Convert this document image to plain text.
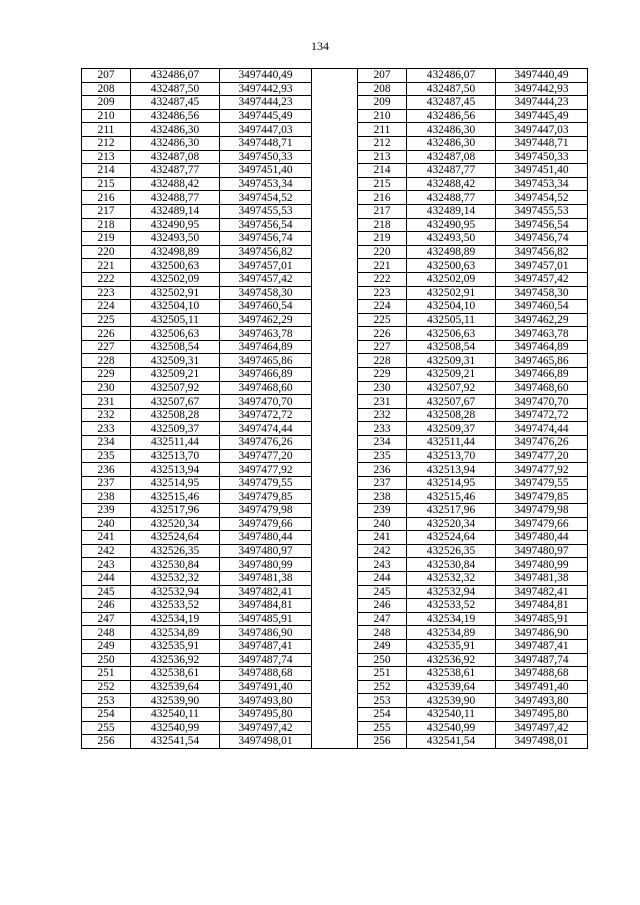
134
207	432486,07	3497440,49		207	432486,07	3497440,49
208	432487,50	3497442,93		208	432487,50	3497442,93
209	432487,45	3497444,23		209	432487,45	3497444,23
210	432486,56	3497445,49		210	432486,56	3497445,49
211	432486,30	3497447,03		211	432486,30	3497447,03
212	432486,30	3497448,71		212	432486,30	3497448,71
213	432487,08	3497450,33		213	432487,08	3497450,33
214	432487,77	3497451,40		214	432487,77	3497451,40
215	432488,42	3497453,34		215	432488,42	3497453,34
216	432488,77	3497454,52		216	432488,77	3497454,52
217	432489,14	3497455,53		217	432489,14	3497455,53
218	432490,95	3497456,54		218	432490,95	3497456,54
219	432493,50	3497456,74		219	432493,50	3497456,74
220	432498,89	3497456,82		220	432498,89	3497456,82
221	432500,63	3497457,01		221	432500,63	3497457,01
222	432502,09	3497457,42		222	432502,09	3497457,42
223	432502,91	3497458,30		223	432502,91	3497458,30
224	432504,10	3497460,54		224	432504,10	3497460,54
225	432505,11	3497462,29		225	432505,11	3497462,29
226	432506,63	3497463,78		226	432506,63	3497463,78
227	432508,54	3497464,89		227	432508,54	3497464,89
228	432509,31	3497465,86		228	432509,31	3497465,86
229	432509,21	3497466,89		229	432509,21	3497466,89
230	432507,92	3497468,60		230	432507,92	3497468,60
231	432507,67	3497470,70		231	432507,67	3497470,70
232	432508,28	3497472,72		232	432508,28	3497472,72
233	432509,37	3497474,44		233	432509,37	3497474,44
234	432511,44	3497476,26		234	432511,44	3497476,26
235	432513,70	3497477,20		235	432513,70	3497477,20
236	432513,94	3497477,92		236	432513,94	3497477,92
237	432514,95	3497479,55		237	432514,95	3497479,55
238	432515,46	3497479,85		238	432515,46	3497479,85
239	432517,96	3497479,98		239	432517,96	3497479,98
240	432520,34	3497479,66		240	432520,34	3497479,66
241	432524,64	3497480,44		241	432524,64	3497480,44
242	432526,35	3497480,97		242	432526,35	3497480,97
243	432530,84	3497480,99		243	432530,84	3497480,99
244	432532,32	3497481,38		244	432532,32	3497481,38
245	432532,94	3497482,41		245	432532,94	3497482,41
246	432533,52	3497484,81		246	432533,52	3497484,81
247	432534,19	3497485,91		247	432534,19	3497485,91
248	432534,89	3497486,90		248	432534,89	3497486,90
249	432535,91	3497487,41		249	432535,91	3497487,41
250	432536,92	3497487,74		250	432536,92	3497487,74
251	432538,61	3497488,68		251	432538,61	3497488,68
252	432539,64	3497491,40		252	432539,64	3497491,40
253	432539,90	3497493,80		253	432539,90	3497493,80
254	432540,11	3497495,80		254	432540,11	3497495,80
255	432540,99	3497497,42		255	432540,99	3497497,42
256	432541,54	3497498,01		256	432541,54	3497498,01
